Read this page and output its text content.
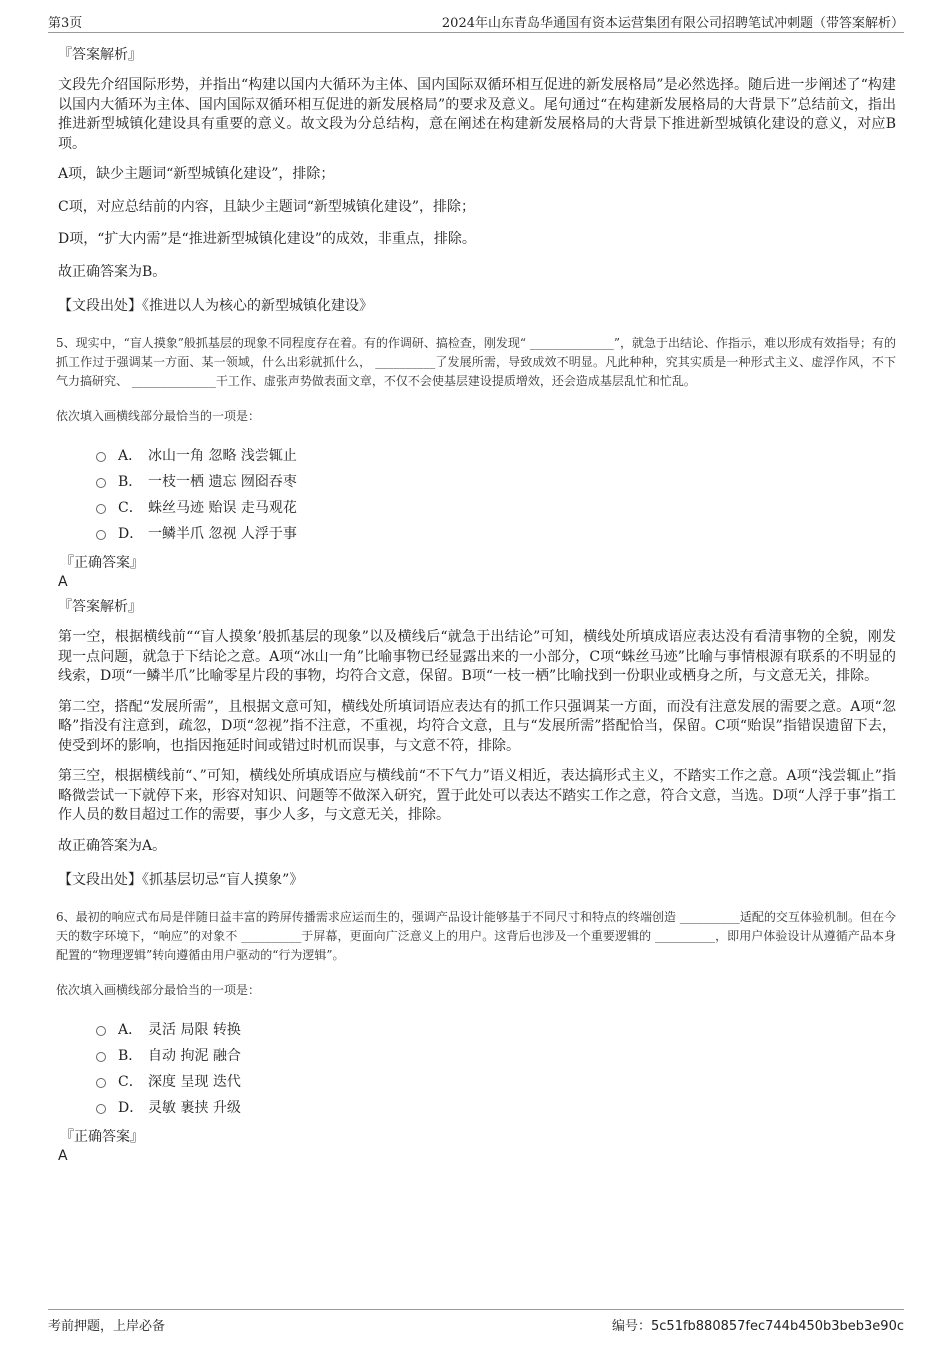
第3页	2024年山东青岛华通国有资本运营集团有限公司招聘笔试冲刺题（带答案解析）
『答案解析』

文段先介绍国际形势，并指出“构建以国内大循环为主体、国内国际双循环相互促进的新发展格局”是必然选择。随后进一步阐述了“构建以国内大循环为主体、国内国际双循环相互促进的新发展格局”的要求及意义。尾句通过“在构建新发展格局的大背景下”总结前文，指出推进新型城镇化建设具有重要的意义。故文段为分总结构，意在阐述在构建新发展格局的大背景下推进新型城镇化建设的意义，对应B项。

A项，缺少主题词“新型城镇化建设”，排除；

C项，对应总结前的内容，且缺少主题词“新型城镇化建设”，排除；

D项，“扩大内需”是“推进新型城镇化建设”的成效，非重点，排除。

故正确答案为B。

【文段出处】《推进以人为核心的新型城镇化建设》

5、现实中，“盲人摸象”般抓基层的现象不同程度存在着。有的作调研、搞检查，刚发现“ ______________”，就急于出结论、作指示，难以形成有效指导；有的抓工作过于强调某一方面、某一领域，什么出彩就抓什么， __________了发展所需，导致成效不明显。凡此种种，究其实质是一种形式主义、虚浮作风，不下气力搞研究、 ______________干工作、虚张声势做表面文章，不仅不会使基层建设提质增效，还会造成基层乱忙和忙乱。

依次填入画横线部分最恰当的一项是：
A． 冰山一角 忽略 浅尝辄止
B． 一枝一栖 遗忘 囫囵吞枣
C． 蛛丝马迹 贻误 走马观花
D． 一鳞半爪 忽视 人浮于事
『正确答案』
A
『答案解析』

第一空，根据横线前““盲人摸象’般抓基层的现象”以及横线后“就急于出结论”可知，横线处所填成语应表达没有看清事物的全貌，刚发现一点问题，就急于下结论之意。A项“冰山一角”比喻事物已经显露出来的一小部分，C项“蛛丝马迹”比喻与事情根源有联系的不明显的线索，D项“一鳞半爪”比喻零星片段的事物，均符合文意，保留。B项“一枝一栖”比喻找到一份职业或栖身之所，与文意无关，排除。

第二空，搭配“发展所需”，且根据文意可知，横线处所填词语应表达有的抓工作只强调某一方面，而没有注意发展的需要之意。A项“忽略”指没有注意到，疏忽，D项“忽视”指不注意，不重视，均符合文意，且与“发展所需”搭配恰当，保留。C项“贻误”指错误遗留下去，使受到坏的影响，也指因拖延时间或错过时机而误事，与文意不符，排除。

第三空，根据横线前“、”可知，横线处所填成语应与横线前“不下气力”语义相近，表达搞形式主义，不踏实工作之意。A项“浅尝辄止”指略微尝试一下就停下来，形容对知识、问题等不做深入研究，置于此处可以表达不踏实工作之意，符合文意，当选。D项“人浮于事”指工作人员的数目超过工作的需要，事少人多，与文意无关，排除。

故正确答案为A。

【文段出处】《抓基层切忌“盲人摸象”》

6、最初的响应式布局是伴随日益丰富的跨屏传播需求应运而生的，强调产品设计能够基于不同尺寸和特点的终端创造 __________适配的交互体验机制。但在今天的数字环境下，“响应”的对象不 __________于屏幕，更面向广泛意义上的用户。这背后也涉及一个重要逻辑的 __________，即用户体验设计从遵循产品本身配置的“物理逻辑”转向遵循由用户驱动的“行为逻辑”。

依次填入画横线部分最恰当的一项是：
A． 灵活 局限 转换
B． 自动 拘泥 融合
C． 深度 呈现 迭代
D． 灵敏 裹挟 升级
『正确答案』
A
考前押题，上岸必备	编号：5c51fb880857fec744b450b3beb3e90c
